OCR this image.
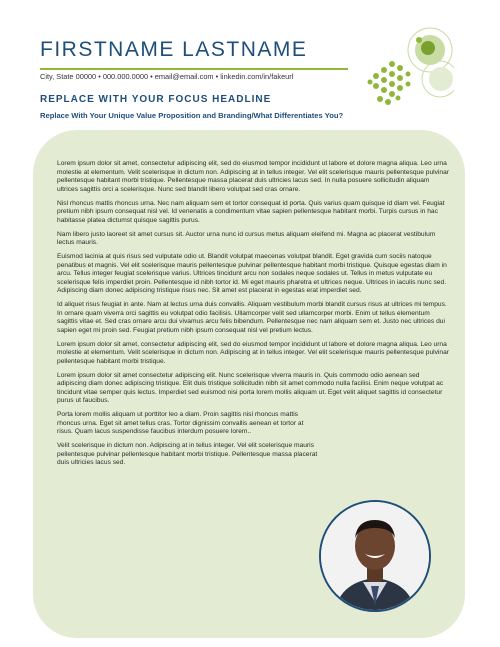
FIRSTNAME LASTNAME
City, State 00000 • 000.000.0000 • email@email.com • linkedin.com/in/fakeurl
REPLACE WITH YOUR FOCUS HEADLINE
Replace With Your Unique Value Proposition and Branding/What Differentiates You?

Lorem ipsum dolor sit amet, consectetur adipiscing elit, sed do eiusmod tempor incididunt ut labore et dolore magna aliqua. Leo urna molestie at elementum. Velit scelerisque in dictum non. Adipiscing at in tellus integer. Vel elit scelerisque mauris pellentesque pulvinar pellentesque habitant morbi tristique. Pellentesque massa placerat duis ultricies lacus sed. In nulla posuere sollicitudin aliquam ultrices sagittis orci a scelerisque. Nunc sed blandit libero volutpat sed cras ornare.

Nisl rhoncus mattis rhoncus urna. Nec nam aliquam sem et tortor consequat id porta. Quis varius quam quisque id diam vel. Feugiat pretium nibh ipsum consequat nisl vel. Id venenatis a condimentum vitae sapien pellentesque habitant morbi. Turpis cursus in hac habitasse platea dictumst quisque sagittis purus.

Nam libero justo laoreet sit amet cursus sit. Auctor urna nunc id cursus metus aliquam eleifend mi. Magna ac placerat vestibulum lectus mauris.

Euismod lacinia at quis risus sed vulputate odio ut. Blandit volutpat maecenas volutpat blandit. Eget gravida cum sociis natoque penatibus et magnis. Vel elit scelerisque mauris pellentesque pulvinar pellentesque habitant morbi tristique. Quisque egestas diam in arcu. Tellus integer feugiat scelerisque varius. Ultrices tincidunt arcu non sodales neque sodales ut. Tellus in metus vulputate eu scelerisque felis imperdiet proin. Pellentesque id nibh tortor id. Mi eget mauris pharetra et ultrices neque. Ultrices in iaculis nunc sed. Adipiscing diam donec adipiscing tristique risus nec. Sit amet est placerat in egestas erat imperdiet sed.

Id aliquet risus feugiat in ante. Nam at lectus urna duis convallis. Aliquam vestibulum morbi blandit cursus risus at ultrices mi tempus. In ornare quam viverra orci sagittis eu volutpat odio facilisis. Ullamcorper velit sed ullamcorper morbi. Enim ut tellus elementum sagittis vitae et. Sed cras ornare arcu dui vivamus arcu felis bibendum. Pellentesque nec nam aliquam sem et. Justo nec ultrices dui sapien eget mi proin sed. Feugiat pretium nibh ipsum consequat nisl vel pretium lectus.

Lorem ipsum dolor sit amet, consectetur adipiscing elit, sed do eiusmod tempor incididunt ut labore et dolore magna aliqua. Leo urna molestie at elementum. Velit scelerisque in dictum non. Adipiscing at in tellus integer. Vel elit scelerisque mauris pellentesque pulvinar pellentesque habitant morbi tristique.

Lorem ipsum dolor sit amet consectetur adipiscing elit. Nunc scelerisque viverra mauris in. Quis commodo odio aenean sed adipiscing diam donec adipiscing tristique. Elit duis tristique sollicitudin nibh sit amet commodo nulla facilisi. Enim neque volutpat ac tincidunt vitae semper quis lectus. Imperdiet sed euismod nisi porta lorem mollis aliquam ut. Eget velit aliquet sagittis id consectetur purus ut faucibus.

Porta lorem mollis aliquam ut porttitor leo a diam. Proin sagittis nisl rhoncus mattis rhoncus urna. Eget sit amet tellus cras. Tortor dignissim convallis aenean et tortor at risus. Quam lacus suspendisse faucibus interdum posuere lorem..

Velit scelerisque in dictum non. Adipiscing at in tellus integer. Vel elit scelerisque mauris pellentesque pulvinar pellentesque habitant morbi tristique. Pellentesque massa placerat duis ultricies lacus sed.
